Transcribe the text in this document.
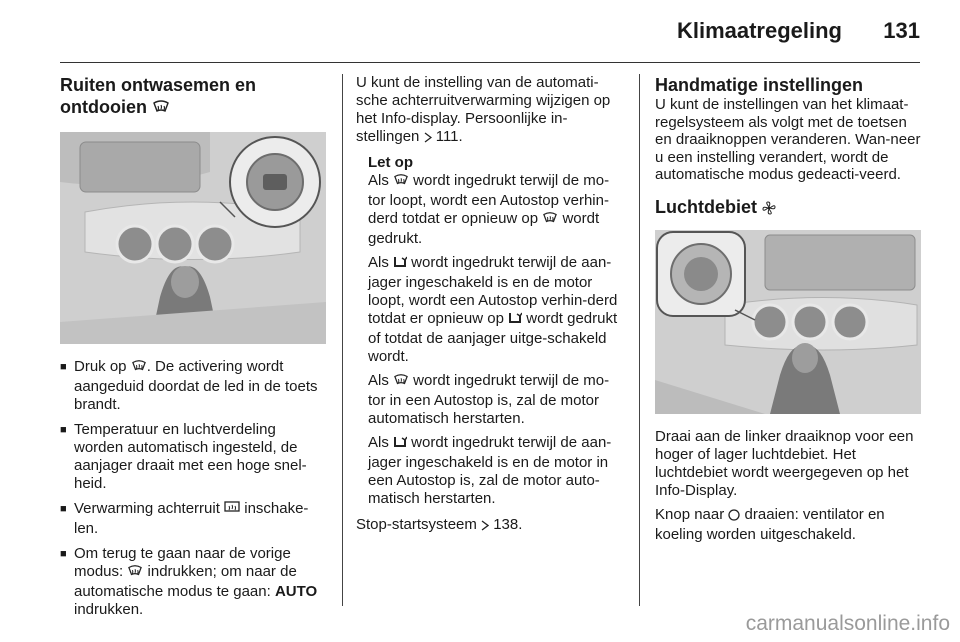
Klimaatregeling 131
Ruiten ontwasemen en
ontdooien
■ Druk op . De activering wordt aangeduid doordat de led in de toets brandt.
■ Temperatuur en luchtverdeling worden automatisch ingesteld, de aanjager draait met een hoge snel-heid.
■ Verwarming achterruit  inschake-len.
■ Om terug te gaan naar de vorige modus:  indrukken; om naar de automatische modus te gaan: AUTO indrukken.

U kunt de instelling van de automati-sche achterruitverwarming wijzigen op het Info-display. Persoonlijke in-stellingen  111.

Let op

Als  wordt ingedrukt terwijl de mo-tor loopt, wordt een Autostop verhin-derd totdat er opnieuw op  wordt gedrukt.

Als  wordt ingedrukt terwijl de aan-jager ingeschakeld is en de motor loopt, wordt een Autostop verhin-derd totdat er opnieuw op  wordt gedrukt of totdat de aanjager uitge-schakeld wordt.

Als  wordt ingedrukt terwijl de mo-tor in een Autostop is, zal de motor automatisch herstarten.

Als  wordt ingedrukt terwijl de aan-jager ingeschakeld is en de motor in een Autostop is, zal de motor auto-matisch herstarten.

Stop-startsysteem  138.

Handmatige instellingen

U kunt de instellingen van het klimaat-regelsysteem als volgt met de toetsen en draaiknoppen veranderen. Wan-neer u een instelling verandert, wordt de automatische modus gedeacti-veerd.

Luchtdebiet

Draai aan de linker draaiknop voor een hoger of lager luchtdebiet. Het luchtdebiet wordt weergegeven op het Info-Display.

Knop naar  draaien: ventilator en koeling worden uitgeschakeld.

carmanualsonline.info
